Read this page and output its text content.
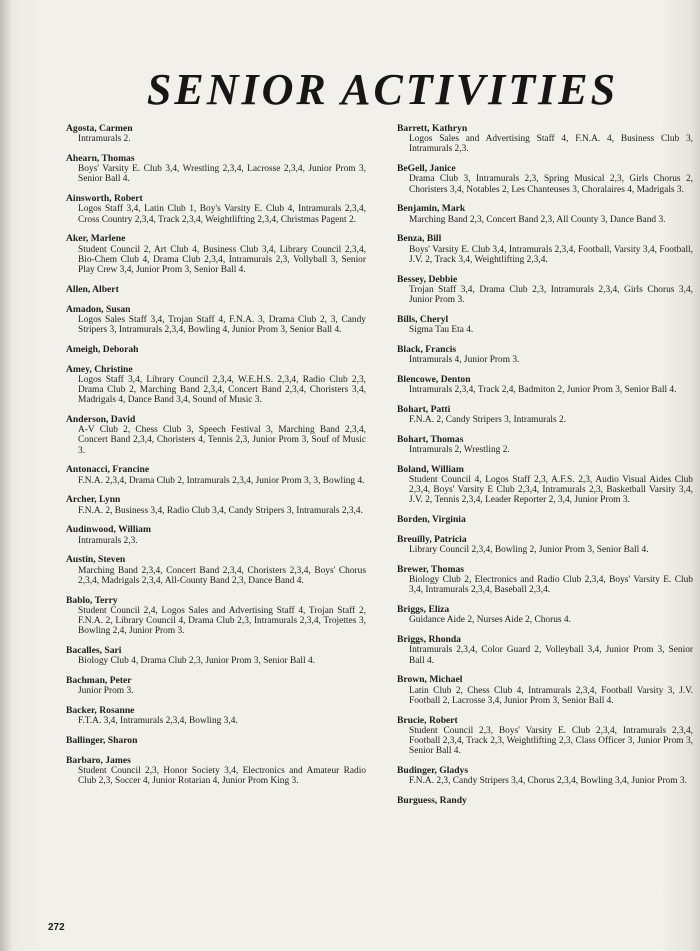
SENIOR ACTIVITIES
Agosta, Carmen
Intramurals 2.
Ahearn, Thomas
Boys' Varsity E. Club 3,4, Wrestling 2,3,4, Lacrosse 2,3,4, Junior Prom 3, Senior Ball 4.
Ainsworth, Robert
Logos Staff 3,4, Latin Club 1, Boy's Varsity E. Club 4, Intramurals 2,3,4, Cross Country 2,3,4, Track 2,3,4, Weightlifting 2,3,4, Christmas Pagent 2.
Aker, Marlene
Student Council 2, Art Club 4, Business Club 3,4, Library Council 2,3,4, Bio-Chem Club 4, Drama Club 2,3,4, Intramurals 2,3, Vollyball 3, Senior Play Crew 3,4, Junior Prom 3, Senior Ball 4.
Allen, Albert
Amadon, Susan
Logos Sales Staff 3,4, Trojan Staff 4, F.N.A. 3, Drama Club 2, 3, Candy Stripers 3, Intramurals 2,3,4, Bowling 4, Junior Prom 3, Senior Ball 4.
Ameigh, Deborah
Amey, Christine
Logos Staff 3,4, Library Council 2,3,4, W.E.H.S. 2,3,4, Radio Club 2,3, Drama Club 2, Marching Band 2,3,4, Concert Band 2,3,4, Choristers 3,4, Madrigals 4, Dance Band 3,4, Sound of Music 3.
Anderson, David
A-V Club 2, Chess Club 3, Speech Festival 3, Marching Band 2,3,4, Concert Band 2,3,4, Choristers 4, Tennis 2,3, Junior Prom 3, Souf of Music 3.
Antonacci, Francine
F.N.A. 2,3,4, Drama Club 2, Intramurals 2,3,4, Junior Prom 3, 3, Bowling 4.
Archer, Lynn
F.N.A. 2, Business 3,4, Radio Club 3,4, Candy Stripers 3, Intramurals 2,3,4.
Audinwood, William
Intramurals 2,3.
Austin, Steven
Marching Band 2,3,4, Concert Band 2,3,4, Choristers 2,3,4, Boys' Chorus 2,3,4, Madrigals 2,3,4, All-County Band 2,3, Dance Band 4.
Bablo, Terry
Student Council 2,4, Logos Sales and Advertising Staff 4, Trojan Staff 2, F.N.A. 2, Library Council 4, Drama Club 2,3, Intramurals 2,3,4, Trojettes 3, Bowling 2,4, Junior Prom 3.
Bacalles, Sari
Biology Club 4, Drama Club 2,3, Junior Prom 3, Senior Ball 4.
Bachman, Peter
Junior Prom 3.
Backer, Rosanne
F.T.A. 3,4, Intramurals 2,3,4, Bowling 3,4.
Ballinger, Sharon
Barbaro, James
Student Council 2,3, Honor Society 3,4, Electronics and Amateur Radio Club 2,3, Soccer 4, Junior Rotarian 4, Junior Prom King 3.
Barrett, Kathryn
Logos Sales and Advertising Staff 4, F.N.A. 4, Business Club 3, Intramurals 2,3.
BeGell, Janice
Drama Club 3, Intramurals 2,3, Spring Musical 2,3, Girls Chorus 2, Choristers 3,4, Notables 2, Les Chanteuses 3, Choralaires 4, Madrigals 3.
Benjamin, Mark
Marching Band 2,3, Concert Band 2,3, All County 3, Dance Band 3.
Benza, Bill
Boys' Varsity E. Club 3,4, Intramurals 2,3,4, Football, Varsity 3,4, Football, J.V. 2, Track 3,4, Weightlifting 2,3,4.
Bessey, Debbie
Trojan Staff 3,4, Drama Club 2,3, Intramurals 2,3,4, Girls Chorus 3,4, Junior Prom 3.
Bills, Cheryl
Sigma Tau Eta 4.
Black, Francis
Intramurals 4, Junior Prom 3.
Blencowe, Denton
Intramurals 2,3,4, Track 2,4, Badmiton 2, Junior Prom 3, Senior Ball 4.
Bohart, Patti
F.N.A. 2, Candy Stripers 3, Intramurals 2.
Bohart, Thomas
Intramurals 2, Wrestling 2.
Boland, William
Student Council 4, Logos Staff 2,3, A.F.S. 2,3, Audio Visual Aides Club 2,3,4, Boys' Varsity E Club 2,3,4, Intramurals 2,3, Basketball Varsity 3,4, J.V. 2, Tennis 2,3,4, Leader Reporter 2, 3,4, Junior Prom 3.
Borden, Virginia
Breuilly, Patricia
Library Council 2,3,4, Bowling 2, Junior Prom 3, Senior Ball 4.
Brewer, Thomas
Biology Club 2, Electronics and Radio Club 2,3,4, Boys' Varsity E. Club 3,4, Intramurals 2,3,4, Baseball 2,3,4.
Briggs, Eliza
Guidance Aide 2, Nurses Aide 2, Chorus 4.
Briggs, Rhonda
Intramurals 2,3,4, Color Guard 2, Volleyball 3,4, Junior Prom 3, Senior Ball 4.
Brown, Michael
Latin Club 2, Chess Club 4, Intramurals 2,3,4, Football Varsity 3, J.V. Football 2, Lacrosse 3,4, Junior Prom 3, Senior Ball 4.
Brucie, Robert
Student Council 2,3, Boys' Varsity E. Club 2,3,4, Intramurals 2,3,4, Football 2,3,4, Track 2,3, Weightlifting 2,3, Class Officer 3, Junior Prom 3, Senior Ball 4.
Budinger, Gladys
F.N.A. 2,3, Candy Stripers 3,4, Chorus 2,3,4, Bowling 3,4, Junior Prom 3.
Burguess, Randy
272
